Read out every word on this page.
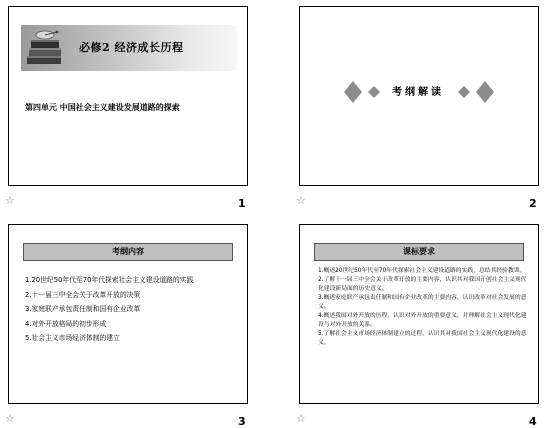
必修2 经济成长历程
第四单元 中国社会主义建设发展道路的探索
☆	1
考纲解读
☆	2
考纲内容
1.20世纪50年代至70年代探索社会主义建设道路的实践
2.十一届三中全会关于改革开放的决策
3.家庭联产承包责任制和国有企业改革
4.对外开放格局的初步形成
5.社会主义市场经济体制的建立
☆	3
课标要求
1.概述20世纪50年代至70年代探索社会主义建设道路的实践，总结其经验教训。
2.了解十一届三中全会关于改革开放的主要内容，认识其对我国开创社会主义现代化建设新局面的历史意义。
3.概述家庭联产承包责任制和国有企业改革的主要内容，认识改革对社会发展的意义。
4.概述我国对外开放的历程，认识对外开放的重要意义，并理解社会主义现代化建设与对外开放的关系。
5.了解社会主义市场经济体制建立的过程，认识其对我国社会主义现代化建设的意义。
☆	4
